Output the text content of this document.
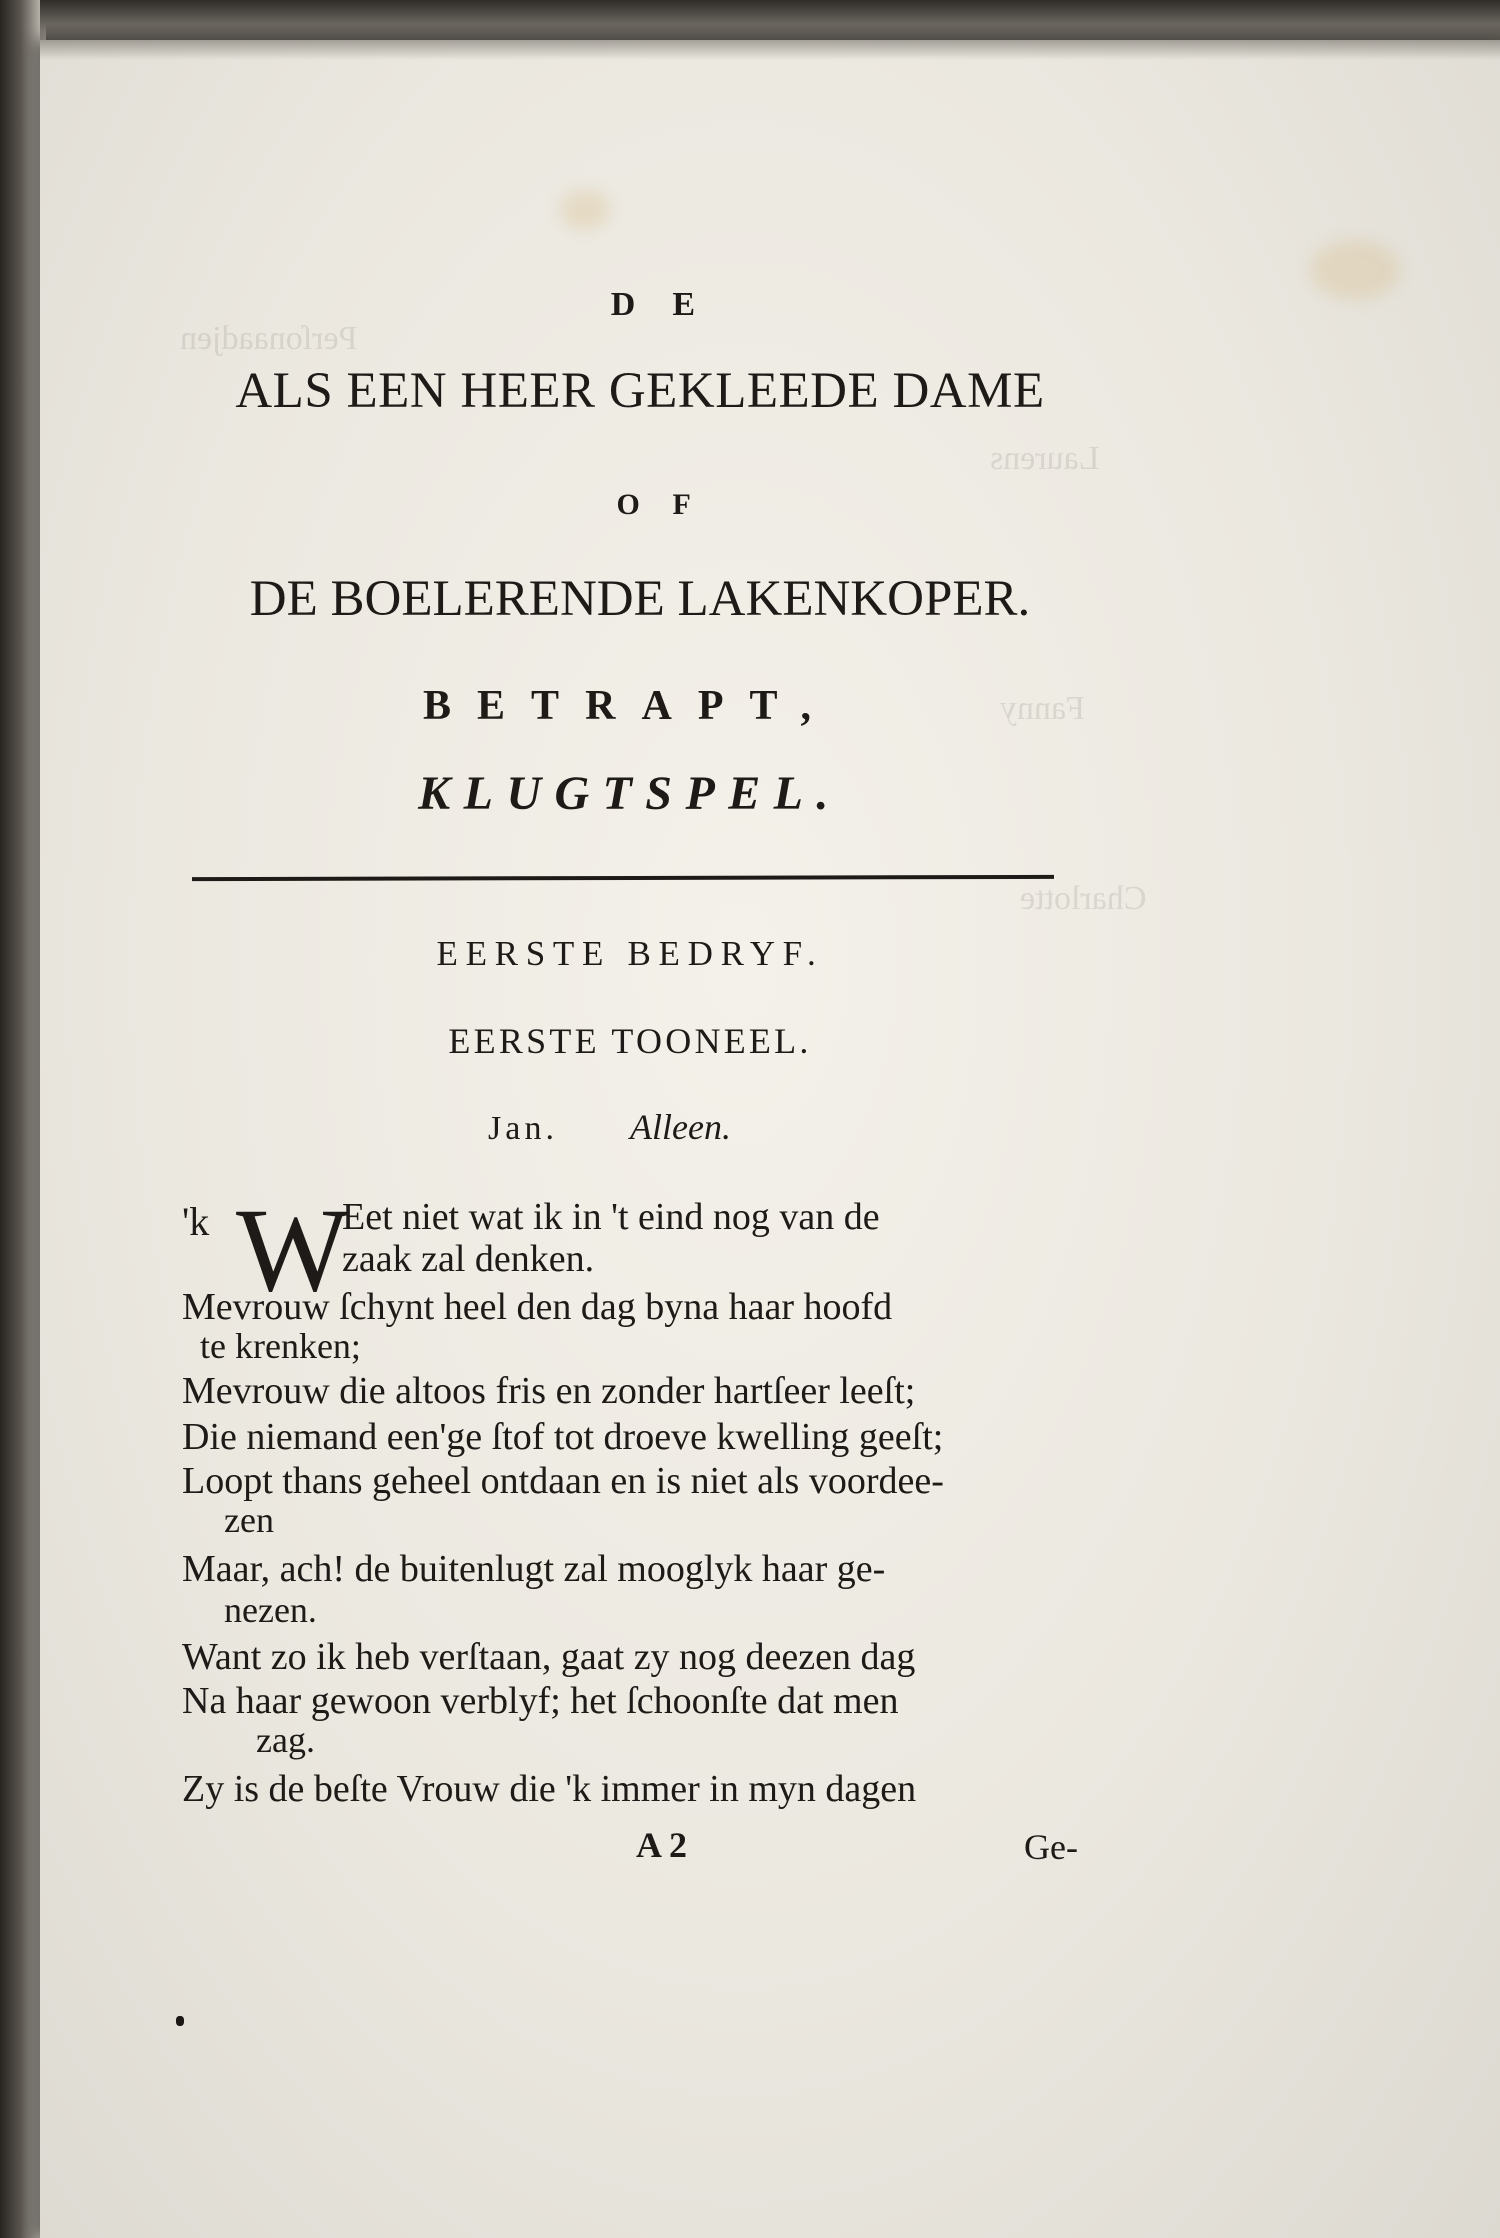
Perſonaadjen
Laurens
Fanny
Charlotte
D E
ALS EEN HEER GEKLEEDE DAME
O F
DE BOELERENDE LAKENKOPER.
BETRAPT,
KLUGTSPEL.
EERSTE BEDRYF.
EERSTE TOONEEL.
Jan. Alleen.
'k W
Eet niet wat ik in 't eind nog van de
zaak zal denken.
Mevrouw ſchynt heel den dag byna haar hoofd
te krenken;
Mevrouw die altoos fris en zonder hartſeer leeſt;
Die niemand een'ge ſtof tot droeve kwelling geeſt;
Loopt thans geheel ontdaan en is niet als voordee-
zen
Maar, ach! de buitenlugt zal mooglyk haar ge-
nezen.
Want zo ik heb verſtaan, gaat zy nog deezen dag
Na haar gewoon verblyf; het ſchoonſte dat men
zag.
Zy is de beſte Vrouw die 'k immer in myn dagen
A 2	Ge-
